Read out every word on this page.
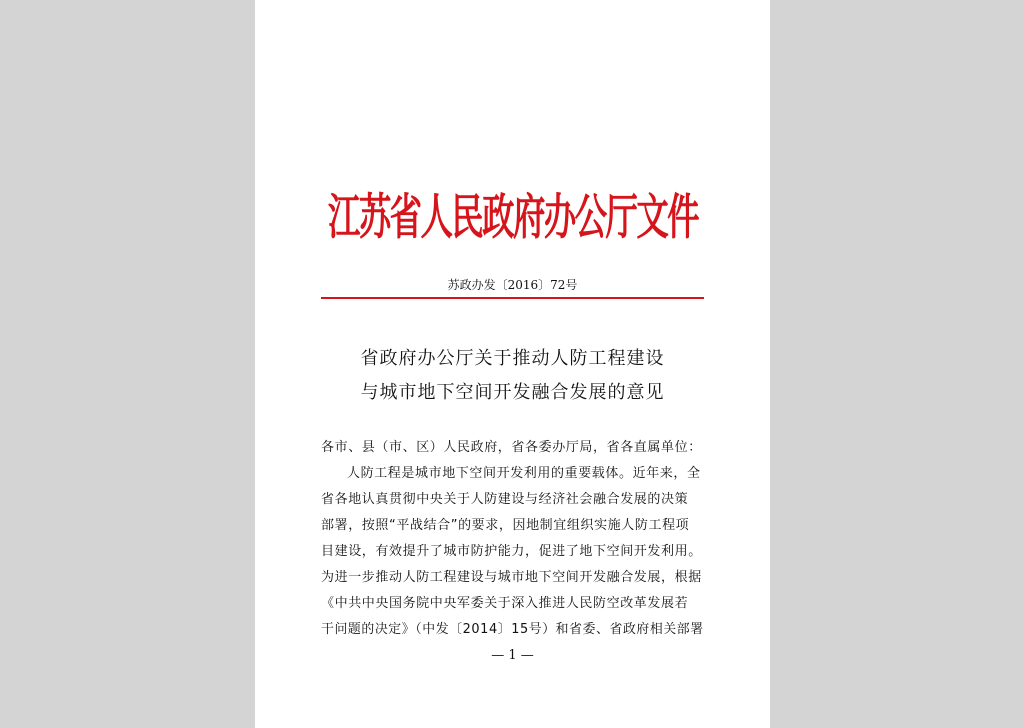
江苏省人民政府办公厅文件
苏政办发〔2016〕72号
省政府办公厅关于推动人防工程建设
与城市地下空间开发融合发展的意见
各市、县（市、区）人民政府，省各委办厅局，省各直属单位：
人防工程是城市地下空间开发利用的重要载体。近年来，全
省各地认真贯彻中央关于人防建设与经济社会融合发展的决策
部署，按照“平战结合”的要求，因地制宜组织实施人防工程项
目建设，有效提升了城市防护能力，促进了地下空间开发利用。
为进一步推动人防工程建设与城市地下空间开发融合发展，根据
《中共中央国务院中央军委关于深入推进人民防空改革发展若
干问题的决定》（中发〔2014〕15号）和省委、省政府相关部署
— 1 —
